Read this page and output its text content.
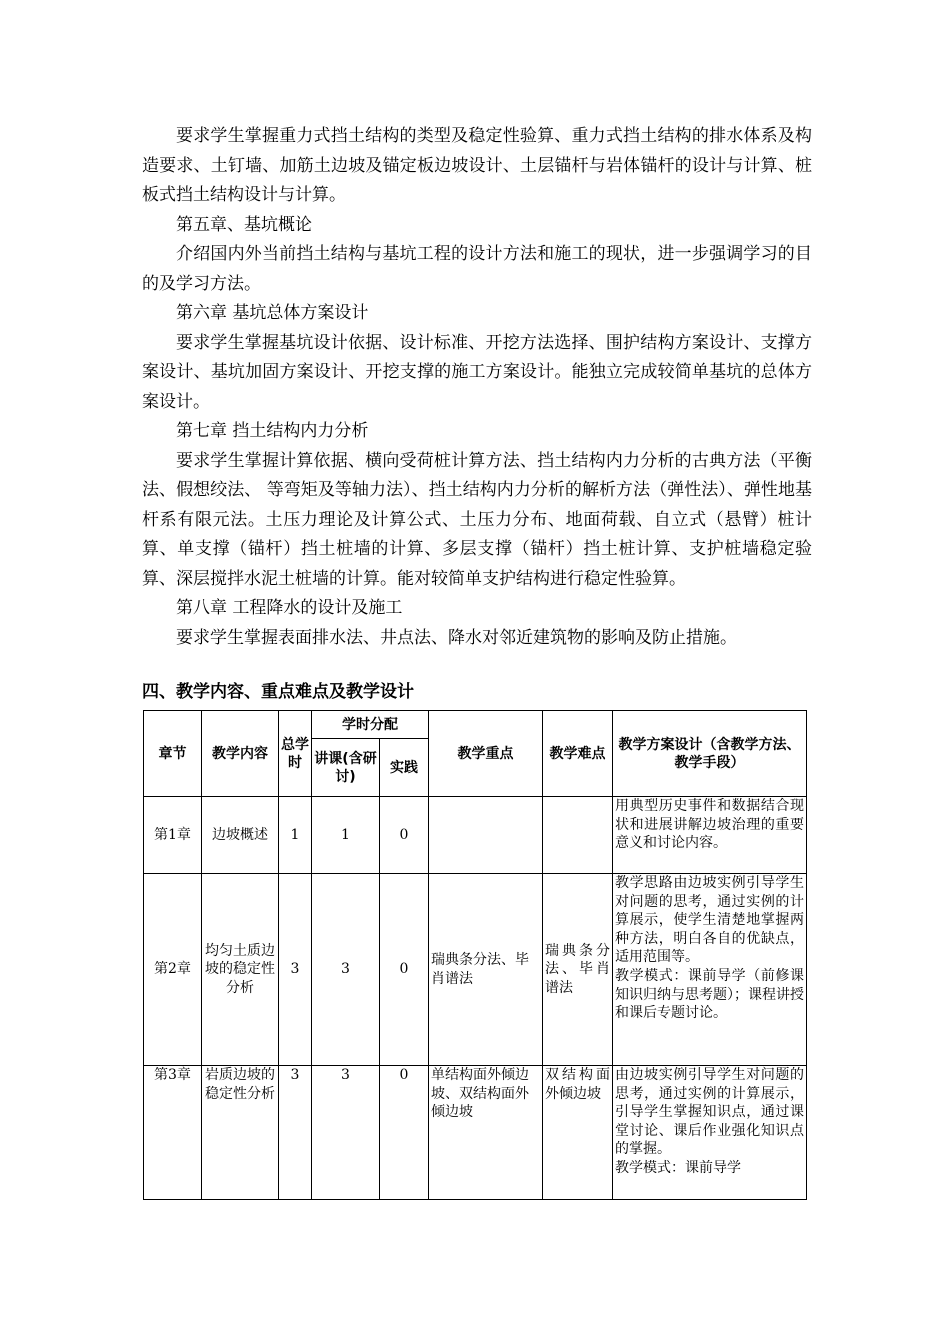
要求学生掌握重力式挡土结构的类型及稳定性验算、重力式挡土结构的排水体系及构造要求、土钉墙、加筋土边坡及锚定板边坡设计、土层锚杆与岩体锚杆的设计与计算、桩板式挡土结构设计与计算。

第五章、基坑概论

介绍国内外当前挡土结构与基坑工程的设计方法和施工的现状，进一步强调学习的目的及学习方法。

第六章 基坑总体方案设计

要求学生掌握基坑设计依据、设计标准、开挖方法选择、围护结构方案设计、支撑方案设计、基坑加固方案设计、开挖支撑的施工方案设计。能独立完成较简单基坑的总体方案设计。

第七章 挡土结构内力分析

要求学生掌握计算依据、横向受荷桩计算方法、挡土结构内力分析的古典方法（平衡法、假想绞法、 等弯矩及等轴力法）、挡土结构内力分析的解析方法（弹性法）、弹性地基杆系有限元法。土压力理论及计算公式、土压力分布、地面荷载、自立式（悬臂）桩计算、单支撑（锚杆）挡土桩墙的计算、多层支撑（锚杆）挡土桩计算、支护桩墙稳定验算、深层搅拌水泥土桩墙的计算。能对较简单支护结构进行稳定性验算。

第八章 工程降水的设计及施工

要求学生掌握表面排水法、井点法、降水对邻近建筑物的影响及防止措施。

四、教学内容、重点难点及教学设计
章节	教学内容	总学时	学时分配		教学重点	教学难点	教学方案设计（含教学方法、教学手段）
			讲课(含研讨)	实践			
第1章	边坡概述	1	1	0			用典型历史事件和数据结合现状和进展讲解边坡治理的重要意义和讨论内容。

第2章	均匀土质边坡的稳定性分析	3	3	0	瑞典条分法、毕肖谱法	瑞典条分法、毕肖谱法	教学思路由边坡实例引导学生对问题的思考，通过实例的计算展示，使学生清楚地掌握两种方法，明白各自的优缺点，适用范围等。
教学模式：课前导学（前修课知识归纳与思考题）；课程讲授和课后专题讨论。

第3章	岩质边坡的稳定性分析	3	3	0	单结构面外倾边坡、双结构面外倾边坡	双结构面外倾边坡	由边坡实例引导学生对问题的思考，通过实例的计算展示，引导学生掌握知识点，通过课堂讨论、课后作业强化知识点的掌握。
教学模式：课前导学
